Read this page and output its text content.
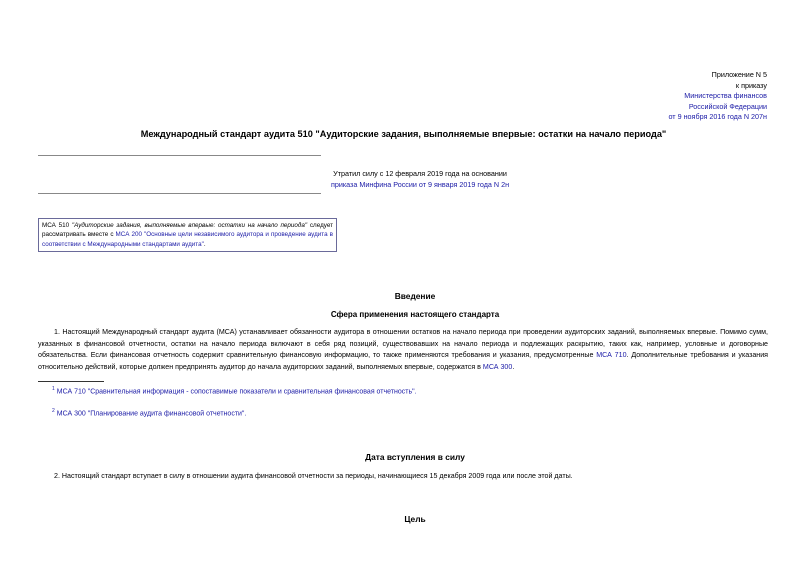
Приложение N 5
к приказу
Министерства финансов
Российской Федерации
от 9 ноября 2016 года N 207н
Международный стандарт аудита 510 "Аудиторские задания, выполняемые впервые: остатки на начало периода"
Утратил силу с 12 февраля 2019 года на основании
приказа Минфина России от 9 января 2019 года N 2н
МСА 510 "Аудиторские задания, выполняемые впервые: остатки на начало периода" следует рассматривать вместе с МСА 200 "Основные цели независимого аудитора и проведение аудита в соответствии с Международными стандартами аудита".
Введение
Сфера применения настоящего стандарта
1. Настоящий Международный стандарт аудита (МСА) устанавливает обязанности аудитора в отношении остатков на начало периода при проведении аудиторских заданий, выполняемых впервые. Помимо сумм, указанных в финансовой отчетности, остатки на начало периода включают в себя ряд позиций, существовавших на начало периода и подлежащих раскрытию, таких как, например, условные и договорные обязательства. Если финансовая отчетность содержит сравнительную финансовую информацию, то также применяются требования и указания, предусмотренные МСА 710. Дополнительные требования и указания относительно действий, которые должен предпринять аудитор до начала аудиторских заданий, выполняемых впервые, содержатся в МСА 300.
$^1$ МСА 710 "Сравнительная информация - сопоставимые показатели и сравнительная финансовая отчетность".
$^2$ МСА 300 "Планирование аудита финансовой отчетности".
Дата вступления в силу
2. Настоящий стандарт вступает в силу в отношении аудита финансовой отчетности за периоды, начинающиеся 15 декабря 2009 года или после этой даты.
Цель
